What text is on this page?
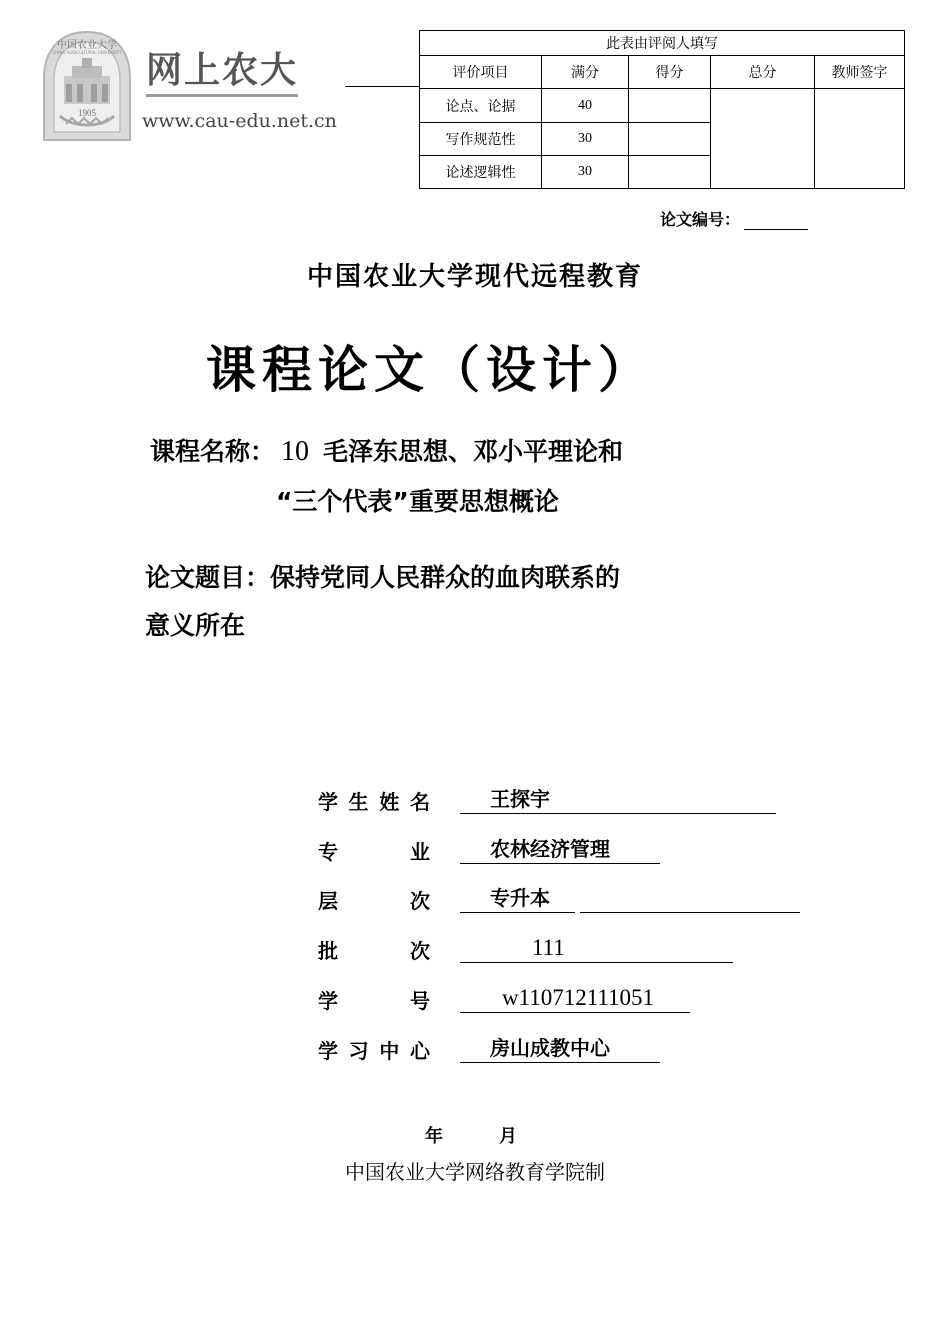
中国农业大学
CHINA AGRICULTURAL UNIVERSITY
1905
网上农大
www.cau-edu.net.cn
此表由评阅人填写				
评价项目	满分	得分	总分	教师签字
论点、论据	40			
写作规范性	30			
论述逻辑性	30			
论文编号：
中国农业大学现代远程教育
课程论文（设计）
课程名称： 10 毛泽东思想、邓小平理论和
“三个代表”重要思想概论
论文题目：保持党同人民群众的血肉联系的
意义所在
学 生 姓 名	王探宇
专	业	农林经济管理
层	次	专升本
批	次	111
学	号	w110712111051
学 习 中 心	房山成教中心
年	月
中国农业大学网络教育学院制
